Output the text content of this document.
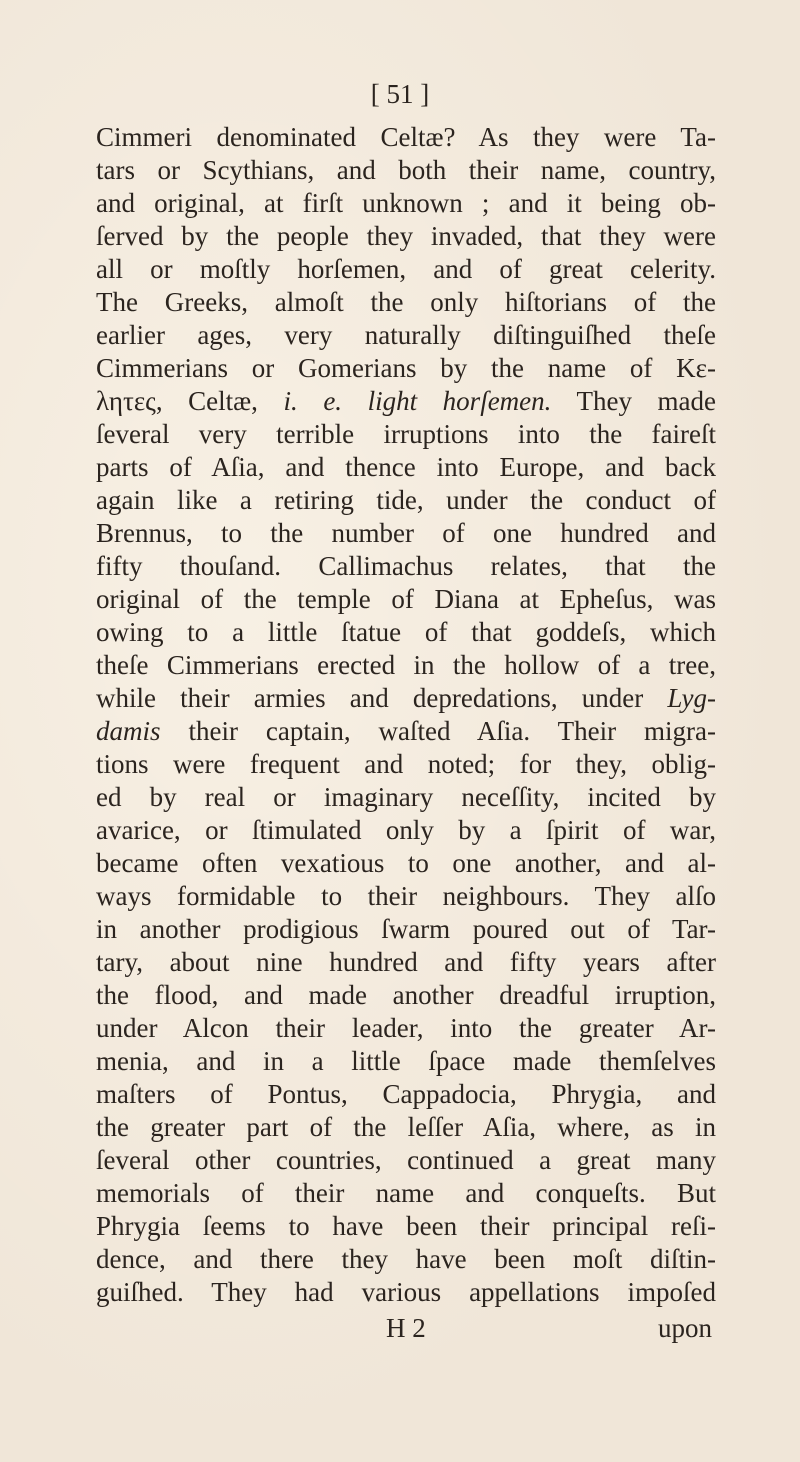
[ 51 ]
Cimmeri denominated Celtæ? As they were Ta-
tars or Scythians, and both their name, country,
and original, at firſt unknown ; and it being ob-
ſerved by the people they invaded, that they were
all or moſtly horſemen, and of great celerity.
The Greeks, almoſt the only hiſtorians of the
earlier ages, very naturally diſtinguiſhed theſe
Cimmerians or Gomerians by the name of Κε-
λητες, Celtæ, i. e. light horſemen. They made
ſeveral very terrible irruptions into the faireſt
parts of Aſia, and thence into Europe, and back
again like a retiring tide, under the conduct of
Brennus, to the number of one hundred and
fifty thouſand. Callimachus relates, that the
original of the temple of Diana at Epheſus, was
owing to a little ſtatue of that goddeſs, which
theſe Cimmerians erected in the hollow of a tree,
while their armies and depredations, under Lyg-
damis their captain, waſted Aſia. Their migra-
tions were frequent and noted; for they, oblig-
ed by real or imaginary neceſſity, incited by
avarice, or ſtimulated only by a ſpirit of war,
became often vexatious to one another, and al-
ways formidable to their neighbours. They alſo
in another prodigious ſwarm poured out of Tar-
tary, about nine hundred and fifty years after
the flood, and made another dreadful irruption,
under Alcon their leader, into the greater Ar-
menia, and in a little ſpace made themſelves
maſters of Pontus, Cappadocia, Phrygia, and
the greater part of the leſſer Aſia, where, as in
ſeveral other countries, continued a great many
memorials of their name and conqueſts. But
Phrygia ſeems to have been their principal reſi-
dence, and there they have been moſt diſtin-
guiſhed. They had various appellations impoſed
H 2	upon
